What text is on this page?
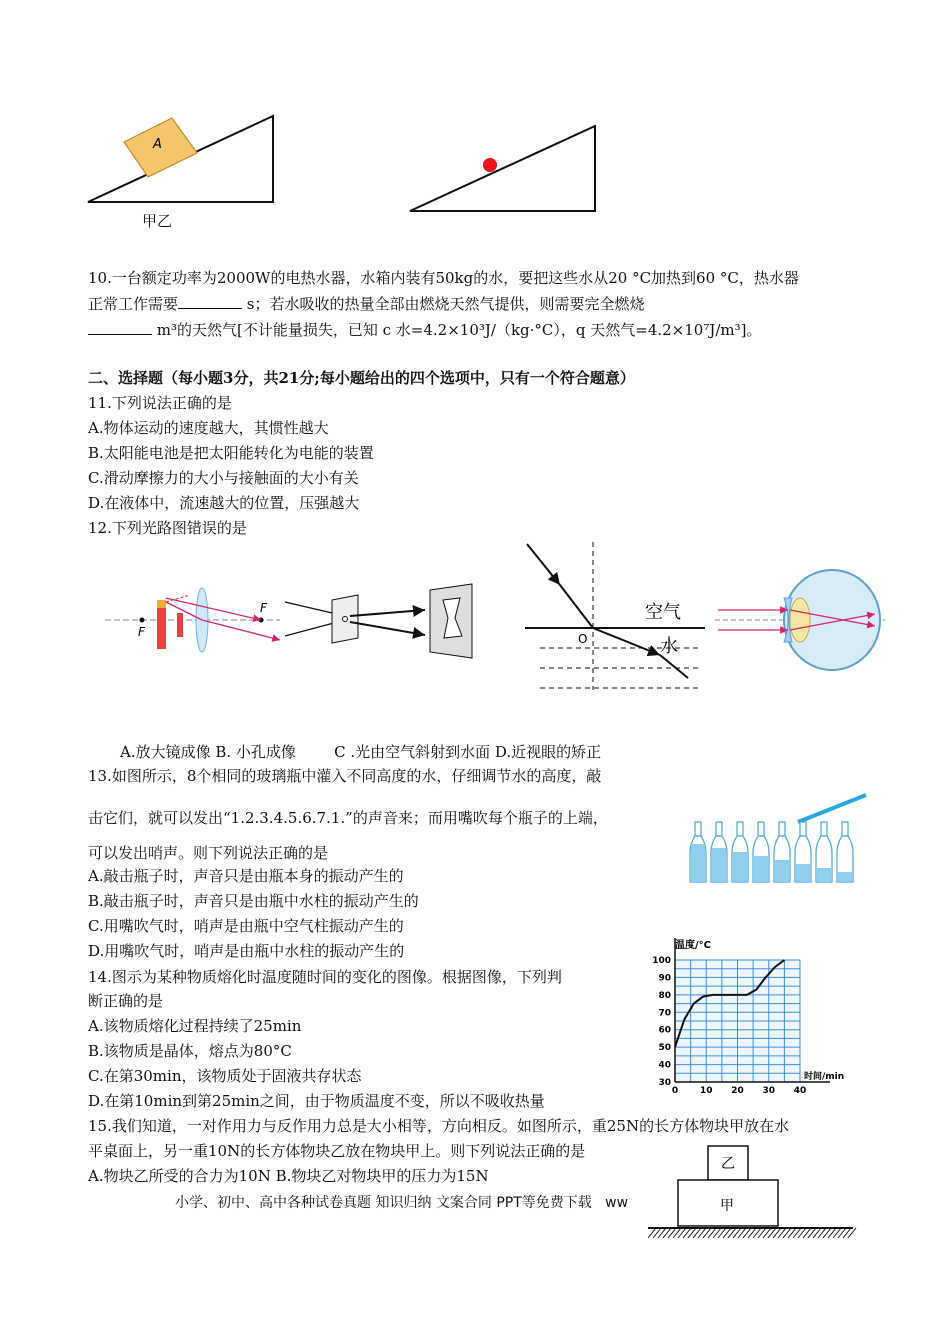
A
甲乙
10.一台额定功率为2000W的电热水器，水箱内装有50kg的水，要把这些水从20 °C加热到60 °C，热水器
正常工作需要	s；若水吸收的热量全部由燃烧天然气提供，则需要完全燃烧
m³的天然气[不计能量损失，已知 c 水=4.2×10³J/（kg·°C），q 天然气=4.2×10⁷J/m³]。
二、选择题（每小题3分，共21分;每小题给出的四个选项中，只有一个符合题意）
11.下列说法正确的是
A.物体运动的速度越大，其惯性越大
B.太阳能电池是把太阳能转化为电能的装置
C.滑动摩擦力的大小与接触面的大小有关
D.在液体中，流速越大的位置，压强越大
12.下列光路图错误的是
F
F
O
空气
水
A.放大镜成像 B. 小孔成像        C .光由空气斜射到水面 D.近视眼的矫正
13.如图所示，8个相同的玻璃瓶中灌入不同高度的水，仔细调节水的高度，敲
击它们，就可以发出“1.2.3.4.5.6.7.1.”的声音来；而用嘴吹每个瓶子的上端，
可以发出哨声。则下列说法正确的是
A.敲击瓶子时，声音只是由瓶本身的振动产生的
B.敲击瓶子时，声音只是由瓶中水柱的振动产生的
C.用嘴吹气时，哨声是由瓶中空气柱振动产生的
D.用嘴吹气时，哨声是由瓶中水柱的振动产生的
14.图示为某种物质熔化时温度随时间的变化的图像。根据图像，下列判
断正确的是
A.该物质熔化过程持续了25min
B.该物质是晶体，熔点为80°C
C.在第30min，该物质处于固液共存状态
D.在第10min到第25min之间，由于物质温度不变，所以不吸收热量
30
40
50
60
70
80
90
100
0 10 20 30 40
温度/°C
时间/min
15.我们知道，一对作用力与反作用力总是大小相等，方向相反。如图所示，重25N的长方体物块甲放在水
平桌面上，另一重10N的长方体物块乙放在物块甲上。则下列说法正确的是
A.物块乙所受的合力为10N B.物块乙对物块甲的压力为15N
乙
甲
小学、初中、高中各种试卷真题 知识归纳 文案合同 PPT等免费下载   ww
